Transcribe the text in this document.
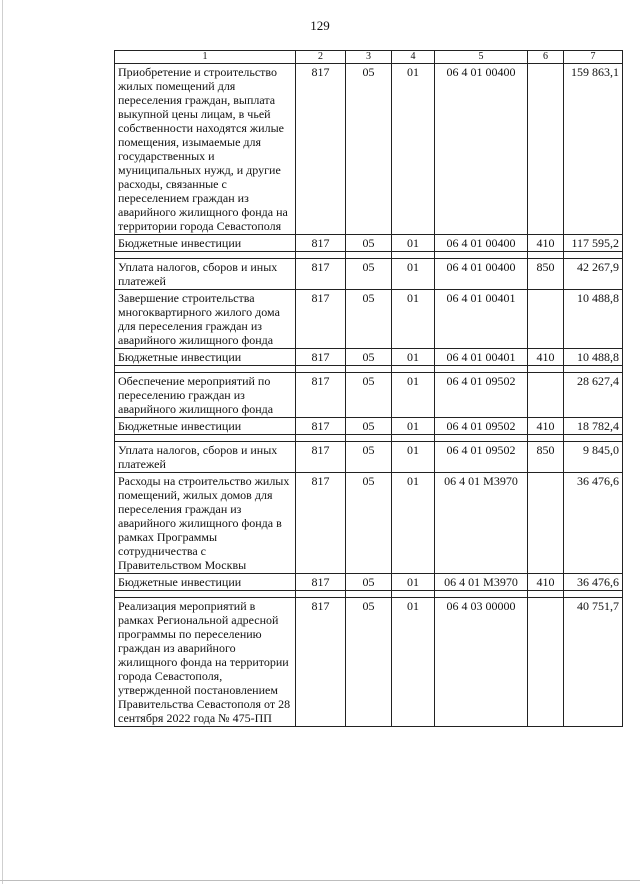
129
1	2	3	4	5	6	7
Приобретение и строительство жилых помещений для переселения граждан, выплата выкупной цены лицам, в чьей собственности находятся жилые помещения, изымаемые для государственных и муниципальных нужд, и другие расходы, связанные с переселением граждан из аварийного жилищного фонда на территории города Севастополя	817	05	01	06 4 01 00400		159 863,1
Бюджетные инвестиции	817	05	01	06 4 01 00400	410	117 595,2

Уплата налогов, сборов и иных платежей	817	05	01	06 4 01 00400	850	42 267,9
Завершение строительства многоквартирного жилого дома для переселения граждан из аварийного жилищного фонда	817	05	01	06 4 01 00401		10 488,8
Бюджетные инвестиции	817	05	01	06 4 01 00401	410	10 488,8

Обеспечение мероприятий по переселению граждан из аварийного жилищного фонда	817	05	01	06 4 01 09502		28 627,4
Бюджетные инвестиции	817	05	01	06 4 01 09502	410	18 782,4

Уплата налогов, сборов и иных платежей	817	05	01	06 4 01 09502	850	9 845,0
Расходы на строительство жилых помещений, жилых домов для переселения граждан из аварийного жилищного фонда в рамках Программы сотрудничества с Правительством Москвы	817	05	01	06 4 01 М3970		36 476,6
Бюджетные инвестиции	817	05	01	06 4 01 М3970	410	36 476,6

Реализация мероприятий в рамках Региональной адресной программы по переселению граждан из аварийного жилищного фонда на территории города Севастополя, утвержденной постановлением Правительства Севастополя от 28 сентября 2022 года № 475-ПП	817	05	01	06 4 03 00000		40 751,7
